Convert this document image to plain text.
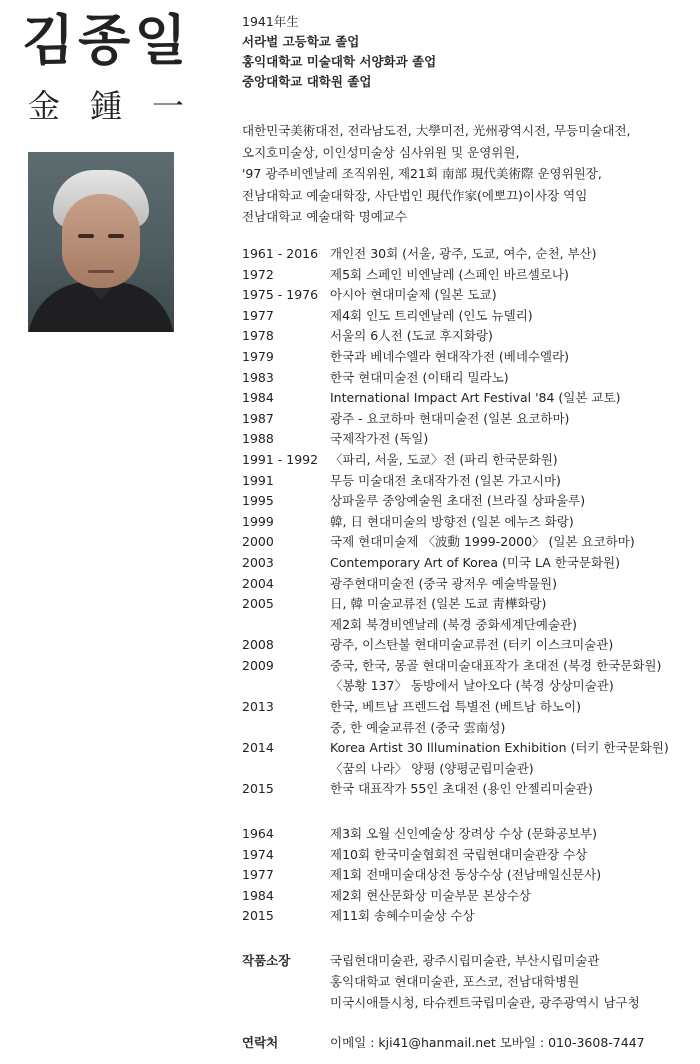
김종일
金鍾一

1941年生

서라벌 고등학교 졸업

홍익대학교 미술대학 서양화과 졸업

중앙대학교 대학원 졸업

대한민국美術대전, 전라남도전, 大學미전, 光州광역시전, 무등미술대전,

오지호미술상, 이인성미술상 심사위원 및 운영위원,

'97 광주비엔날레 조직위원, 제21회 南部 現代美術際 운영위원장,

전남대학교 예술대학장, 사단법인 現代作家(에뽀끄)이사장 역임

전남대학교 예술대학 명예교수

1961 - 2016 개인전 30회 (서울, 광주, 도쿄, 여수, 순천, 부산)
1972	제5회 스페인 비엔날레 (스페인 바르셀로나)
1975 - 1976 아시아 현대미술제 (일본 도쿄)
1977	제4회 인도 트리엔날레 (인도 뉴델리)
1978	서울의 6人전 (도쿄 후지화랑)
1979	한국과 베네수엘라 현대작가전 (베네수엘라)
1983	한국 현대미술전 (이태리 밀라노)
1984	International Impact Art Festival '84 (일본 교토)
1987	광주 - 요코하마 현대미술전 (일본 요코하마)
1988	국제작가전 (독일)
1991 - 1992 〈파리, 서울, 도쿄〉전 (파리 한국문화원)
1991	무등 미술대전 초대작가전 (일본 가고시마)
1995	상파울루 중앙예술원 초대전 (브라질 상파울루)
1999	韓, 日 현대미술의 방향전 (일본 에누즈 화랑)
2000	국제 현대미술제 〈波動 1999-2000〉 (일본 요코하마)
2003	Contemporary Art of Korea (미국 LA 한국문화원)
2004	광주현대미술전 (중국 광저우 예술박물원)
2005	日, 韓 미술교류전 (일본 도쿄 靑樺화랑)
제2회 북경비엔날레 (북경 중화세계단예술관)
2008	광주, 이스탄불 현대미술교류전 (터키 이스크미술관)
2009	중국, 한국, 몽골 현대미술대표작가 초대전 (북경 한국문화원)
〈봉황 137〉 동방에서 날아오다 (북경 상상미술관)
2013	한국, 베트남 프렌드쉽 특별전 (베트남 하노이)
중, 한 예술교류전 (중국 雲南성)
2014	Korea Artist 30 Illumination Exhibition (터키 한국문화원)
〈꿈의 나라〉 양평 (양평군립미술관)
2015	한국 대표작가 55인 초대전 (용인 안젤리미술관)
1964	제3회 오월 신인예술상 장려상 수상 (문화공보부)
1974	제10회 한국미술협회전 국립현대미술관장 수상
1977	제1회 전매미술대상전 동상수상 (전남매일신문사)
1984	제2회 현산문화상 미술부문 본상수상
2015	제11회 송혜수미술상 수상
작품소장	국립현대미술관, 광주시립미술관, 부산시립미술관
홍익대학교 현대미술관, 포스코, 전남대학병원
미국시애틀시청, 타슈켄트국립미술관, 광주광역시 남구청
연락처	이메일 : kji41@hanmail.net 모바일 : 010-3608-7447
